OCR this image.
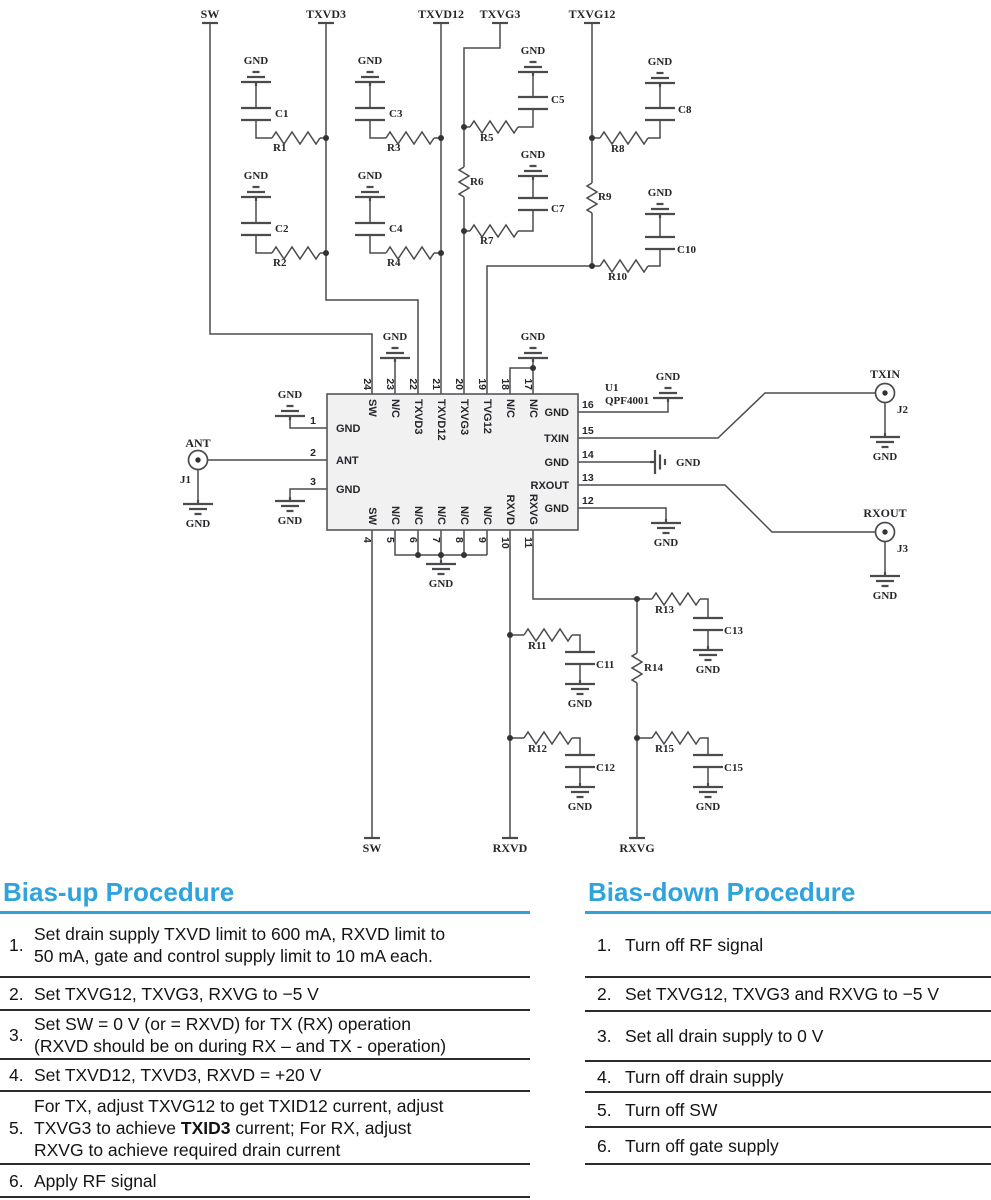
SW	TXVD3	TXVD12 TXVG3	TXVG12
SW	RXVD	RXVG
GND	GND
GND
GND
GND	GND
GND
GND
GND	GND
GND
GND
GND	GND
GND
GND
GND
GND
GND
GND
GND
GND
GND
C1	C3
C5
C8
C2	C4
C7
C10
C11
C12
C13
C15
R1	R3
R5
R8
R2	R4
R6
R7
R9
R10
R11
R12
R13
R14
R15
U1
QPF4001
24 23 22 21 20 19 18 17
SW N/C TXVD3 TXVD12 TXVG3 TVG12 N/C N/C
4 5 6 7 8 9 10 11
SW N/C N/C N/C N/C N/C RXVD RXVG
1
2
3
GND
ANT
GND
16
15
14
13
12
GND
TXIN
GND
RXOUT
GND
ANT
J1
TXIN
J2
RXOUT
J3
Bias-up Procedure
1.
Set drain supply TXVD limit to 600 mA, RXVD limit to
50 mA, gate and control supply limit to 10 mA each.
2. Set TXVG12, TXVG3, RXVG to −5 V
3.
Set SW = 0 V (or = RXVD) for TX (RX) operation
(RXVD should be on during RX – and TX - operation)
4. Set TXVD12, TXVD3, RXVD = +20 V
5.
For TX, adjust TXVG12 to get TXID12 current, adjust
TXVG3 to achieve TXID3 current; For RX, adjust
RXVG to achieve required drain current
6. Apply RF signal
Bias-down Procedure
1. Turn off RF signal
2. Set TXVG12, TXVG3 and RXVG to −5 V
3. Set all drain supply to 0 V
4. Turn off drain supply
5. Turn off SW
6. Turn off gate supply
